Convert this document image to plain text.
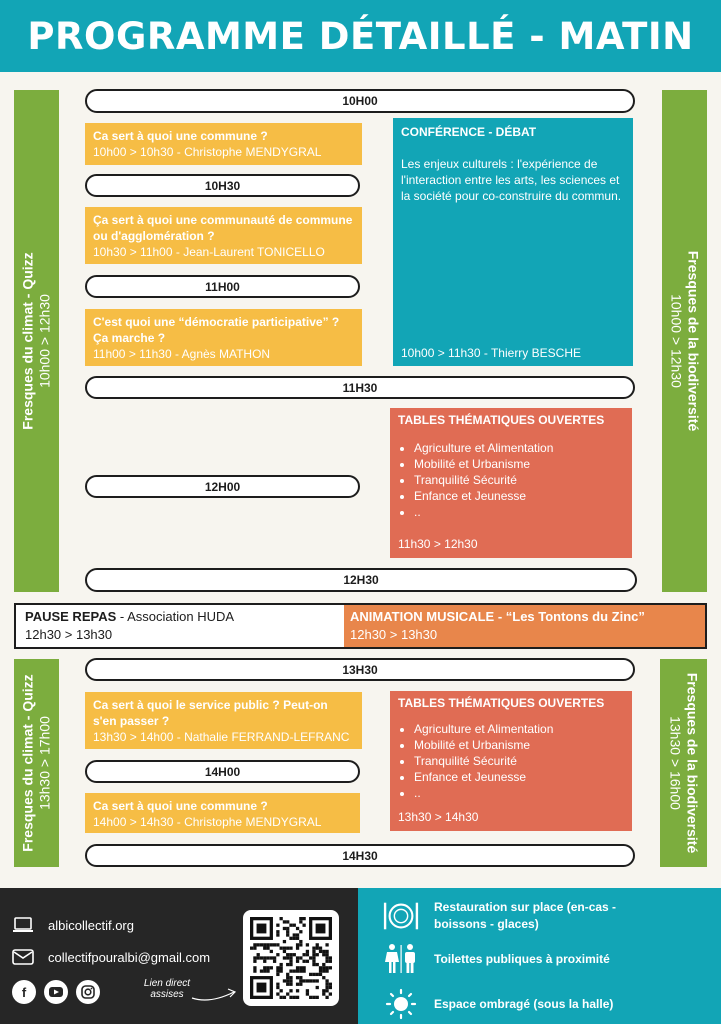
PROGRAMME DÉTAILLÉ - MATIN
Fresques du climat - Quizz 10h00 > 12h30	Fresques de la biodiversité
10h00 > 12h30
10H00
10H30
11H00
11H30
12H00
12H30
Ca sert à quoi une commune ?
10h00 > 10h30 - Christophe MENDYGRAL
Ça sert à quoi une communauté de commune ou d'agglomération ?
10h30 > 11h00 - Jean-Laurent TONICELLO
C'est quoi une “démocratie participative” ? Ça marche ?
11h00 > 11h30 - Agnès MATHON
CONFÉRENCE - DÉBAT
Les enjeux culturels : l'expérience de l'interaction entre les arts, les sciences et la société pour co-construire du commun.
10h00 > 11h30 - Thierry BESCHE
TABLES THÉMATIQUES OUVERTES
• Agriculture et Alimentation
• Mobilité et Urbanisme
• Tranquilité Sécurité
• Enfance et Jeunesse
• ..
11h30 > 12h30
PAUSE REPAS - Association HUDA
12h30 > 13h30
ANIMATION MUSICALE - “Les Tontons du Zinc”
12h30 > 13h30
Fresques du climat - Quizz 13h30 > 17h00	Fresques de la biodiversité
13h30 > 16h00
13H30
14H00
14H30
Ca sert à quoi le service public ? Peut-on s'en passer ?
13h30 > 14h00 - Nathalie FERRAND-LEFRANC
Ca sert à quoi une commune ?
14h00 > 14h30 - Christophe MENDYGRAL
TABLES THÉMATIQUES OUVERTES
• Agriculture et Alimentation
• Mobilité et Urbanisme
• Tranquilité Sécurité
• Enfance et Jeunesse
• ..
13h30 > 14h30
albicollectif.org
collectifpouralbi@gmail.com
f
Lien direct assises
Restauration sur place (en-cas - boissons - glaces)
Toilettes publiques à proximité
Espace ombragé (sous la halle)
